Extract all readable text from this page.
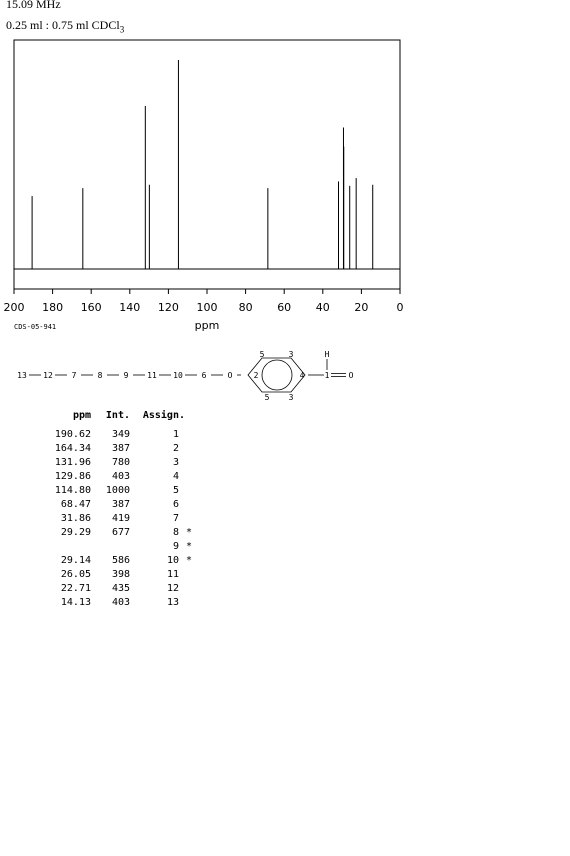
15.09 MHz
0.25 ml : 0.75 ml CDCl$_3$
200 180 160 140 120 100 80 60 40 20	0
ppm
CDS-05-941
13 12 7	8	9 11 10 6	O
5	3
2	4
5 3
H
1 O
ppm	Int.	Assign.	
190.62	349	1	
164.34	387	2	
131.96	780	3	
129.86	403	4	
114.80	1000	5	
68.47	387	6	
31.86	419	7	
29.29	677	8	*
		9	*
29.14	586	10	*
26.05	398	11	
22.71	435	12	
14.13	403	13	
